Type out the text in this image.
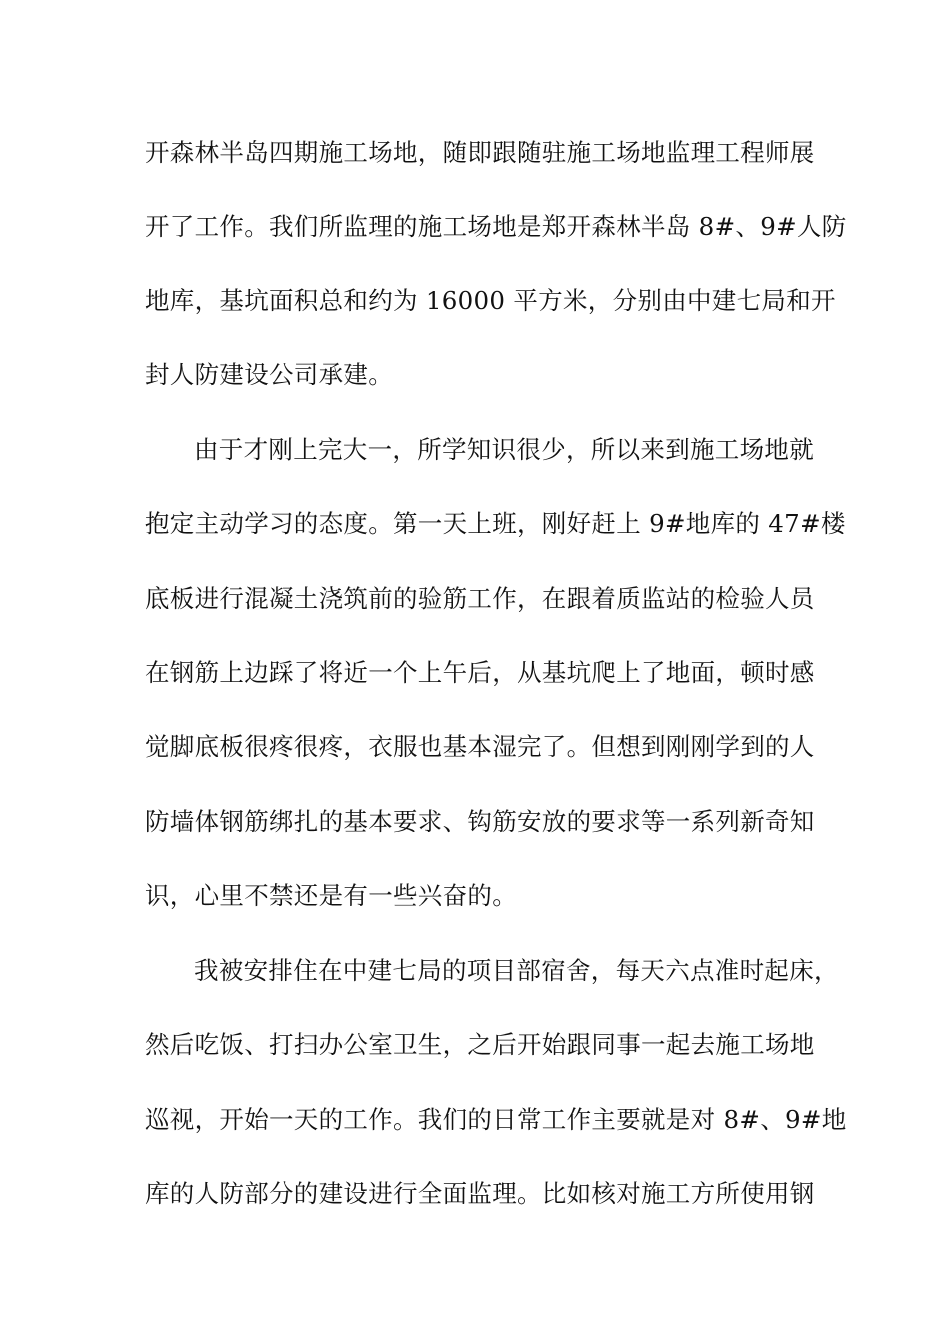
开森林半岛四期施工场地，随即跟随驻施工场地监理工程师展
开了工作。我们所监理的施工场地是郑开森林半岛 8#、9#人防
地库，基坑面积总和约为 16000 平方米，分别由中建七局和开
封人防建设公司承建。
由于才刚上完大一，所学知识很少，所以来到施工场地就
抱定主动学习的态度。第一天上班，刚好赶上 9#地库的 47#楼
底板进行混凝土浇筑前的验筋工作，在跟着质监站的检验人员
在钢筋上边踩了将近一个上午后，从基坑爬上了地面，顿时感
觉脚底板很疼很疼，衣服也基本湿完了。但想到刚刚学到的人
防墙体钢筋绑扎的基本要求、钩筋安放的要求等一系列新奇知
识，心里不禁还是有一些兴奋的。
我被安排住在中建七局的项目部宿舍，每天六点准时起床，
然后吃饭、打扫办公室卫生，之后开始跟同事一起去施工场地
巡视，开始一天的工作。我们的日常工作主要就是对 8#、9#地
库的人防部分的建设进行全面监理。比如核对施工方所使用钢
